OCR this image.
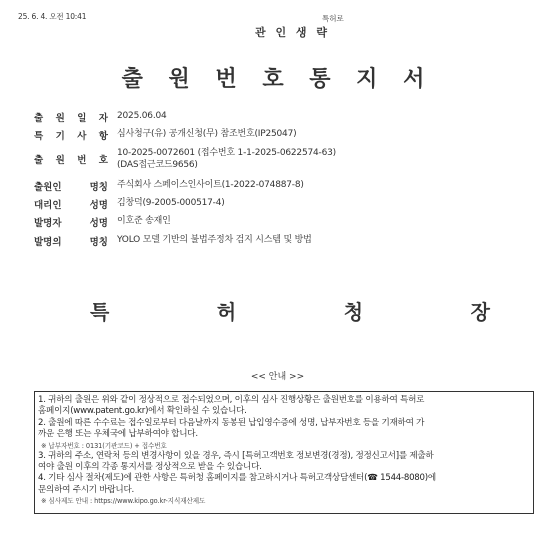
25. 6. 4. 오전 10:41	특허로
관 인 생 략
출 원 번 호 통 지 서
출 원 일 자 2025.06.04
특 기 사 항 심사청구(유) 공개신청(무) 참조번호(IP25047)
출 원 번 호
10-2025-0072601 (접수번호 1-1-2025-0622574-63)
(DAS접근코드9656)
출원인 명칭 주식회사 스페이스인사이트(1-2022-074887-8)
대리인 성명 김창덕(9-2005-000517-4)
발명자 성명 이호준 송재인
발명의 명칭 YOLO 모델 기반의 불법주정차 검지 시스템 및 방법
특	허	청	장
<< 안내 >>
1. 귀하의 출원은 위와 같이 정상적으로 접수되었으며, 이후의 심사 진행상황은 출원번호를 이용하여 특허로
홈페이지(www.patent.go.kr)에서 확인하실 수 있습니다.
2. 출원에 따른 수수료는 접수일로부터 다음날까지 동봉된 납입영수증에 성명, 납부자번호 등을 기재하여 가
까운 은행 또는 우체국에 납부하여야 합니다.
※ 납부자번호 : 0131(기관코드) + 접수번호
3. 귀하의 주소, 연락처 등의 변경사항이 있을 경우, 즉시 [특허고객번호 정보변경(경정), 정정신고서]를 제출하
여야 출원 이후의 각종 통지서를 정상적으로 받을 수 있습니다.
4. 기타 심사 절차(제도)에 관한 사항은 특허청 홈페이지를 참고하시거나 특허고객상담센터(☎ 1544-8080)에
문의하여 주시기 바랍니다.
※ 심사제도 안내 : https://www.kipo.go.kr-지식재산제도
